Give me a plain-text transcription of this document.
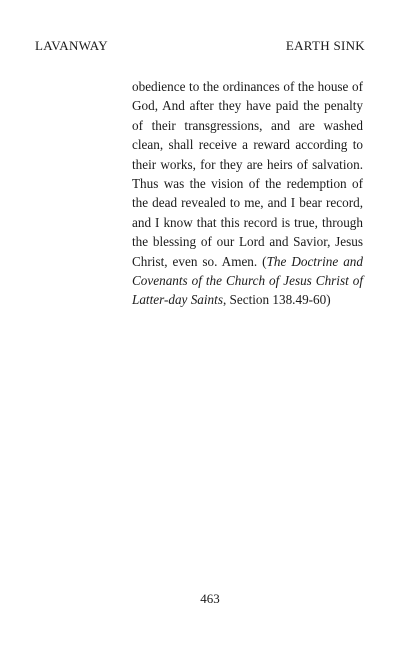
LAVANWAY	EARTH SINK

obedience to the ordinances of the house of God, And after they have paid the penalty of their transgressions, and are washed clean, shall receive a reward according to their works, for they are heirs of salvation. Thus was the vision of the redemption of the dead revealed to me, and I bear record, and I know that this record is true, through the blessing of our Lord and Savior, Jesus Christ, even so. Amen. (The Doctrine and Covenants of the Church of Jesus Christ of Latter-day Saints, Section 138.49-60)

463
